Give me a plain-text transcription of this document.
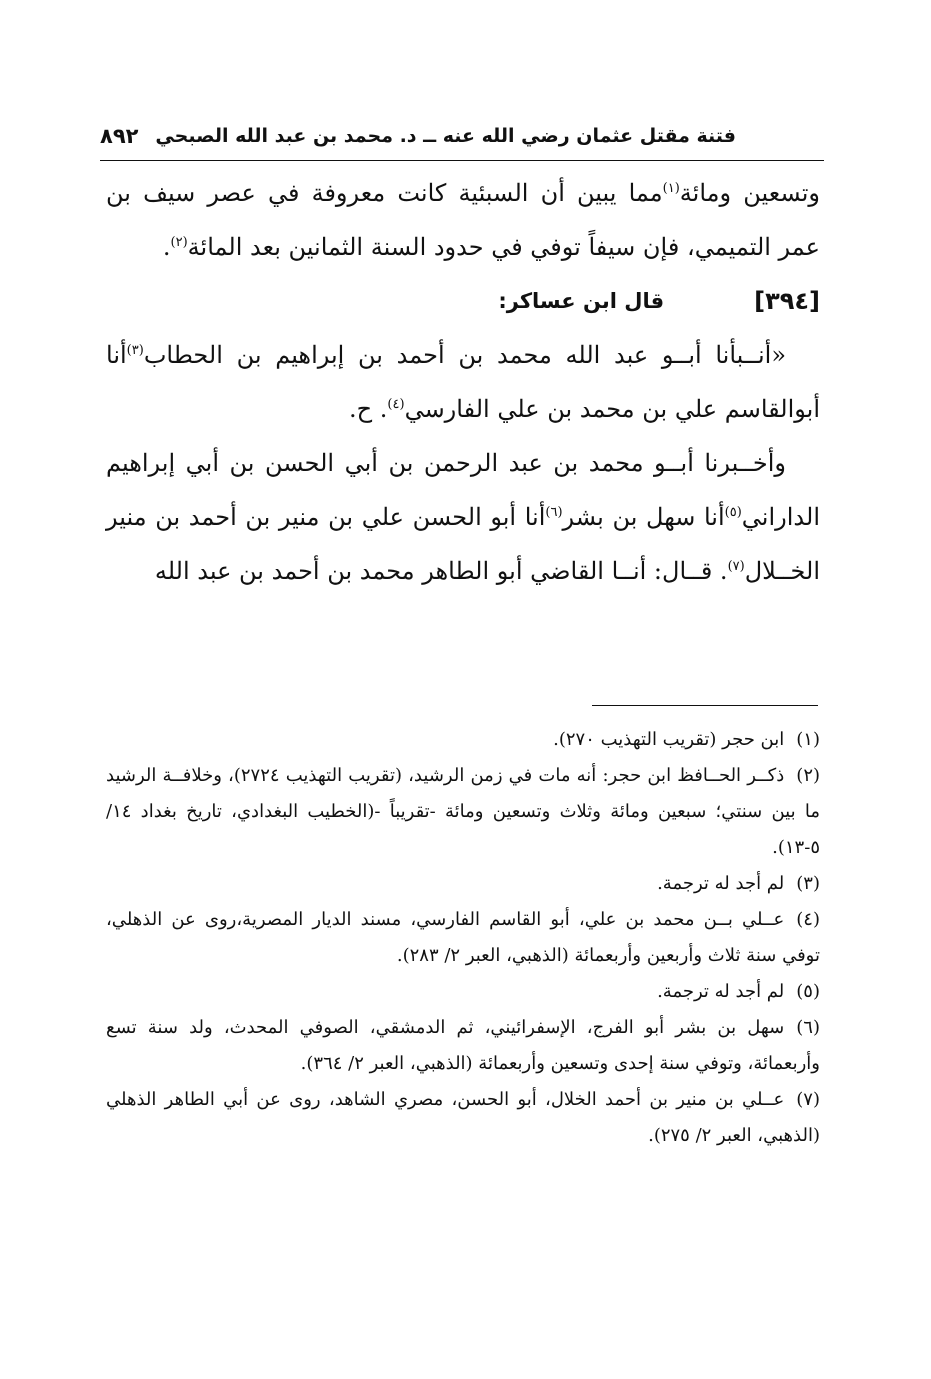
فتنة مقتل عثمان رضي الله عنه ــ د. محمد بن عبد الله الصبحي
٨٩٢

وتسعين ومائة$^{(١)}$مما يبين أن السبئية كانت معروفة في عصر سيف بن عمر التميمي، فإن سيفاً توفي في حدود السنة الثمانين بعد المائة$^{(٢)}$.

[٣٩٤]
قال ابن عساكر:

«أنــبأنا أبــو عبد الله محمد بن أحمد بن إبراهيم بن الحطاب$^{(٣)}$أنا أبوالقاسم علي بن محمد بن علي الفارسي$^{(٤)}$. ح.

وأخــبرنا أبــو محمد بن عبد الرحمن بن أبي الحسن بن أبي إبراهيم الداراني$^{(٥)}$أنا سهل بن بشر$^{(٦)}$أنا أبو الحسن علي بن منير بن أحمد بن منير الخــلال$^{(٧)}$. قــال: أنــا القاضي أبو الطاهر محمد بن أحمد بن عبد الله

(١)ابن حجر (تقريب التهذيب ٢٧٠).

(٢)ذكــر الحــافظ ابن حجر: أنه مات في زمن الرشيد، (تقريب التهذيب ٢٧٢٤)، وخلافــة الرشيد ما بين سنتي؛ سبعين ومائة وثلاث وتسعين ومائة -تقريباً -(الخطيب البغدادي، تاريخ بغداد ١٤/ ٥-١٣).

(٣)لم أجد له ترجمة.

(٤)عــلي بــن محمد بن علي، أبو القاسم الفارسي، مسند الديار المصرية،روى عن الذهلي، توفي سنة ثلاث وأربعين وأربعمائة (الذهبي، العبر ٢/ ٢٨٣).

(٥)لم أجد له ترجمة.

(٦)سهل بن بشر أبو الفرج، الإسفرائيني، ثم الدمشقي، الصوفي المحدث، ولد سنة تسع وأربعمائة، وتوفي سنة إحدى وتسعين وأربعمائة (الذهبي، العبر ٢/ ٣٦٤).

(٧)عــلي بن منير بن أحمد الخلال، أبو الحسن، مصري الشاهد، روى عن أبي الطاهر الذهلي (الذهبي، العبر ٢/ ٢٧٥).
